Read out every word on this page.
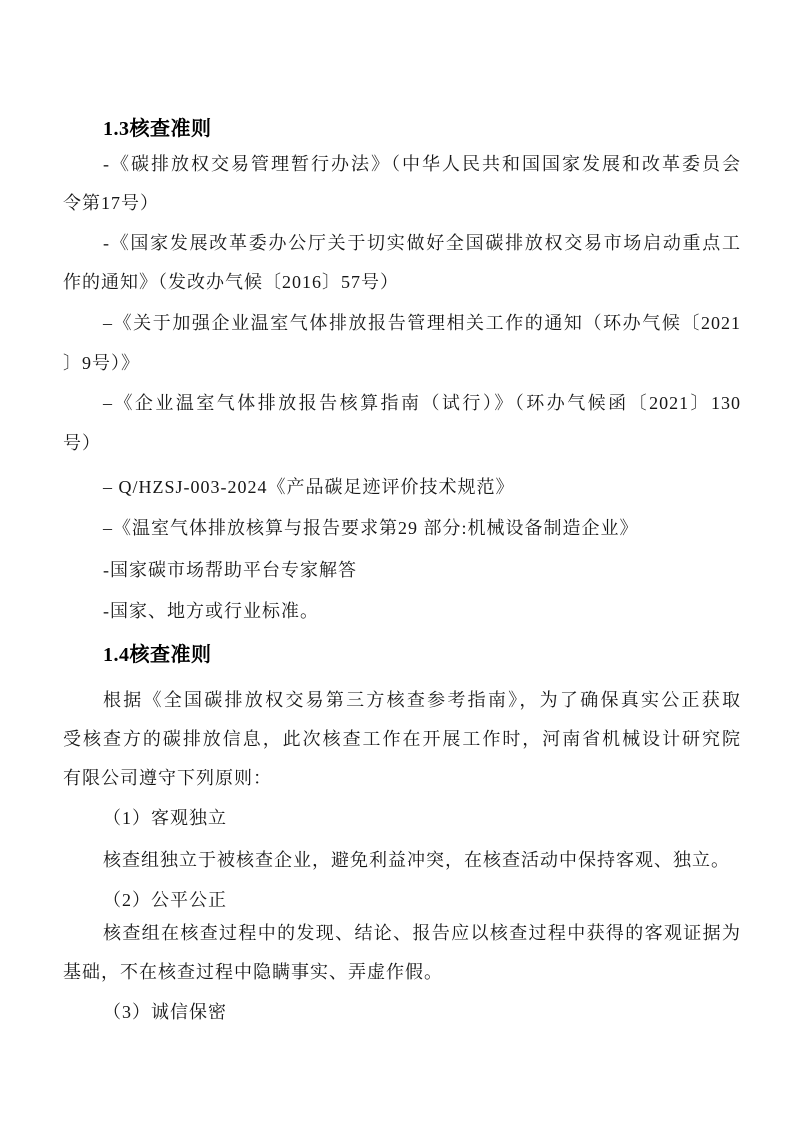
1.3核查准则
-《碳排放权交易管理暂行办法》（中华人民共和国国家发展和改革委员会
令第17号）
-《国家发展改革委办公厅关于切实做好全国碳排放权交易市场启动重点工
作的通知》（发改办气候〔2016〕57号）
–《关于加强企业温室气体排放报告管理相关工作的通知（环办气候〔2021
〕9号）》
–《企业温室气体排放报告核算指南（试行）》（环办气候函〔2021〕130
号）
– Q/HZSJ-003-2024《产品碳足迹评价技术规范》
–《温室气体排放核算与报告要求第29 部分:机械设备制造企业》
-国家碳市场帮助平台专家解答
-国家、地方或行业标准。
1.4核查准则
根据《全国碳排放权交易第三方核查参考指南》，为了确保真实公正获取
受核查方的碳排放信息，此次核查工作在开展工作时，河南省机械设计研究院
有限公司遵守下列原则：
（1）客观独立
核查组独立于被核查企业，避免利益冲突，在核查活动中保持客观、独立。
（2）公平公正
核查组在核查过程中的发现、结论、报告应以核查过程中获得的客观证据为
基础，不在核查过程中隐瞒事实、弄虚作假。
（3）诚信保密
